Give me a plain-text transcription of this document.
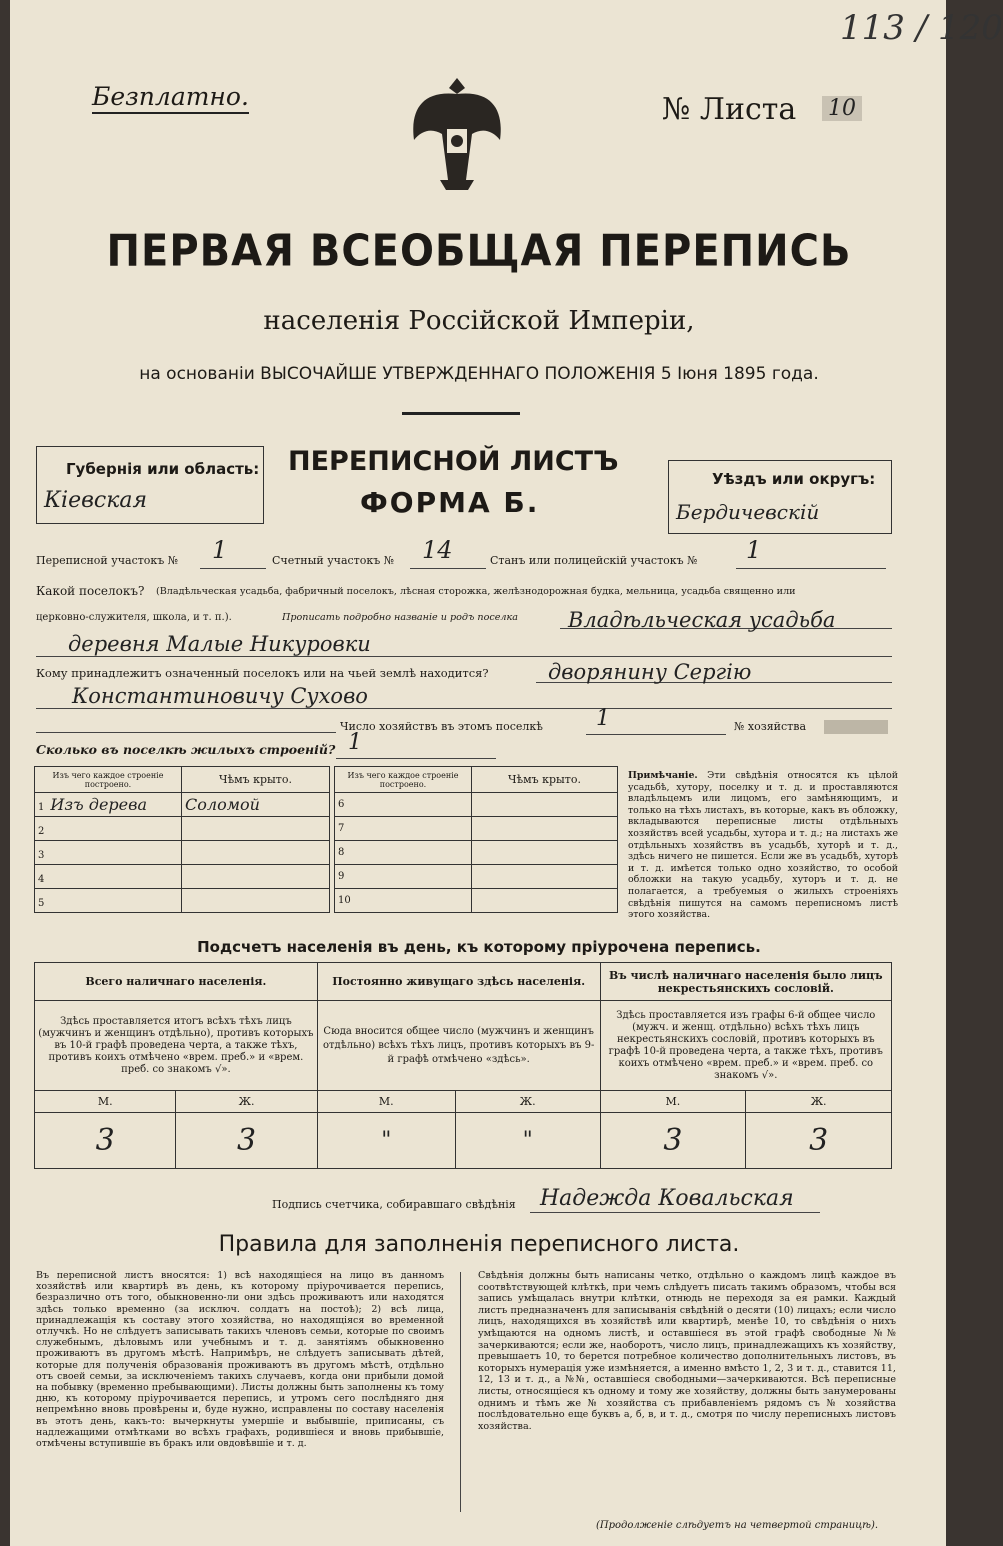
113 / 120
Безплатно.	№ Листа 10
ПЕРВАЯ ВСЕОБЩАЯ ПЕРЕПИСЬ
населенія Россійской Имперіи,
на основаніи ВЫСОЧАЙШЕ УТВЕРЖДЕННАГО ПОЛОЖЕНІЯ 5 Іюня 1895 года.
Губернія или область:
Кіевская
ПЕРЕПИСНОЙ ЛИСТЪ
ФОРМА Б.
Уѣздъ или округъ:
Бердичевскій
Переписной участокъ № 1	Счетный участокъ № 14	Станъ или полицейскій участокъ № 1
Какой поселокъ? (Владѣльческая усадьба, фабричный поселокъ, лѣсная сторожка, желѣзнодорожная будка, мельница, усадьба священно или
церковно-служителя, школа, и т. п.).	Прописать подробно названіе и родъ поселка Владѣльческая усадьба
деревня Малые Никуровки
Кому принадлежитъ означенный поселокъ или на чьей землѣ находится?	дворянину Сергію
Константиновичу Сухово
Число хозяйствъ въ этомъ поселкѣ 1	№ хозяйства
Сколько въ поселкѣ жилыхъ строеній? 1
Изъ чего каждое строеніе построено.	Чѣмъ крыто.
1 Изъ дерева	Соломой
2	
3	
4	
5	
Изъ чего каждое строеніе построено.	Чѣмъ крыто.
6	
7	
8	
9	
10	
Примѣчаніе. Эти свѣдѣнія относятся къ цѣлой усадьбѣ, хутору, поселку и т. д. и проставляются владѣльцемъ или лицомъ, его замѣняющимъ, и только на тѣхъ листахъ, въ которые, какъ въ обложку, вкладываются переписные листы отдѣльныхъ хозяйствъ всей усадьбы, хутора и т. д.; на листахъ же отдѣльныхъ хозяйствъ въ усадьбѣ, хуторѣ и т. д., здѣсь ничего не пишется. Если же въ усадьбѣ, хуторѣ и т. д. имѣется только одно хозяйство, то особой обложки на такую усадьбу, хуторъ и т. д. не полагается, а требуемыя о жилыхъ строеніяхъ свѣдѣнія пишутся на самомъ переписномъ листѣ этого хозяйства.
Подсчетъ населенія въ день, къ которому пріурочена перепись.
Всего наличнаго населенія.		Постоянно живущаго здѣсь населенія.		Въ числѣ наличнаго населенія было лицъ некрестьянскихъ сословій.	
Здѣсь проставляется итогъ всѣхъ тѣхъ лицъ (мужчинъ и женщинъ отдѣльно), противъ которыхъ въ 10-й графѣ проведена черта, а также тѣхъ, противъ коихъ отмѣчено «врем. преб.» и «врем. преб. со знакомъ √».		Сюда вносится общее число (мужчинъ и женщинъ отдѣльно) всѣхъ тѣхъ лицъ, противъ которыхъ въ 9-й графѣ отмѣчено «здѣсь».		Здѣсь проставляется изъ графы 6-й общее число (мужч. и женщ. отдѣльно) всѣхъ тѣхъ лицъ некрестьянскихъ сословій, противъ которыхъ въ графѣ 10-й проведена черта, а также тѣхъ, противъ коихъ отмѣчено «врем. преб.» и «врем. преб. со знакомъ √».	
М.	Ж.	М.	Ж.	М.	Ж.
3	3	"	"	3	3
Подпись счетчика, собиравшаго свѣдѣнія Надежда Ковальская
Правила для заполненія переписного листа.
Въ переписной листъ вносятся: 1) всѣ находящіеся на лицо въ данномъ хозяйствѣ или квартирѣ въ день, къ которому пріурочивается перепись, безразлично отъ того, обыкновенно-ли они здѣсь проживаютъ или находятся здѣсь только временно (за исключ. солдатъ на постоѣ); 2) всѣ лица, принадлежащія къ составу этого хозяйства, но находящіяся во временной отлучкѣ. Но не слѣдуетъ записывать такихъ членовъ семьи, которые по своимъ служебнымъ, дѣловымъ или учебнымъ и т. д. занятіямъ обыкновенно проживаютъ въ другомъ мѣстѣ. Напримѣръ, не слѣдуетъ записывать дѣтей, которые для полученія образованія проживаютъ въ другомъ мѣстѣ, отдѣльно отъ своей семьи, за исключеніемъ такихъ случаевъ, когда они прибыли домой на побывку (временно пребывающими). Листы должны быть заполнены къ тому дню, къ которому пріурочивается перепись, и утромъ сего послѣдняго дня непремѣнно вновь провѣрены и, буде нужно, исправлены по составу населенія въ этотъ день, какъ-то: вычеркнуты умершіе и выбывшіе, приписаны, съ надлежащими отмѣтками во всѣхъ графахъ, родившіеся и вновь прибывшіе, отмѣчены вступившіе въ бракъ или овдовѣвшіе и т. д.
Свѣдѣнія должны быть написаны четко, отдѣльно о каждомъ лицѣ каждое въ соотвѣтствующей клѣткѣ, при чемъ слѣдуетъ писать такимъ образомъ, чтобы вся запись умѣщалась внутри клѣтки, отнюдь не переходя за ея рамки. Каждый листъ предназначенъ для записыванія свѣдѣній о десяти (10) лицахъ; если число лицъ, находящихся въ хозяйствѣ или квартирѣ, менѣе 10, то свѣдѣнія о нихъ умѣщаются на одномъ листѣ, и оставшіеся въ этой графѣ свободные №№ зачеркиваются; если же, наоборотъ, число лицъ, принадлежащихъ къ хозяйству, превышаетъ 10, то берется потребное количество дополнительныхъ листовъ, въ которыхъ нумерація уже измѣняется, а именно вмѣсто 1, 2, 3 и т. д., ставится 11, 12, 13 и т. д., а №№, оставшіеся свободными—зачеркиваются. Всѣ переписные листы, относящіеся къ одному и тому же хозяйству, должны быть занумерованы однимъ и тѣмъ же № хозяйства съ прибавленіемъ рядомъ съ № хозяйства послѣдовательно еще буквъ а, б, в, и т. д., смотря по числу переписныхъ листовъ хозяйства.
(Продолженіе слѣдуетъ на четвертой страницѣ).
